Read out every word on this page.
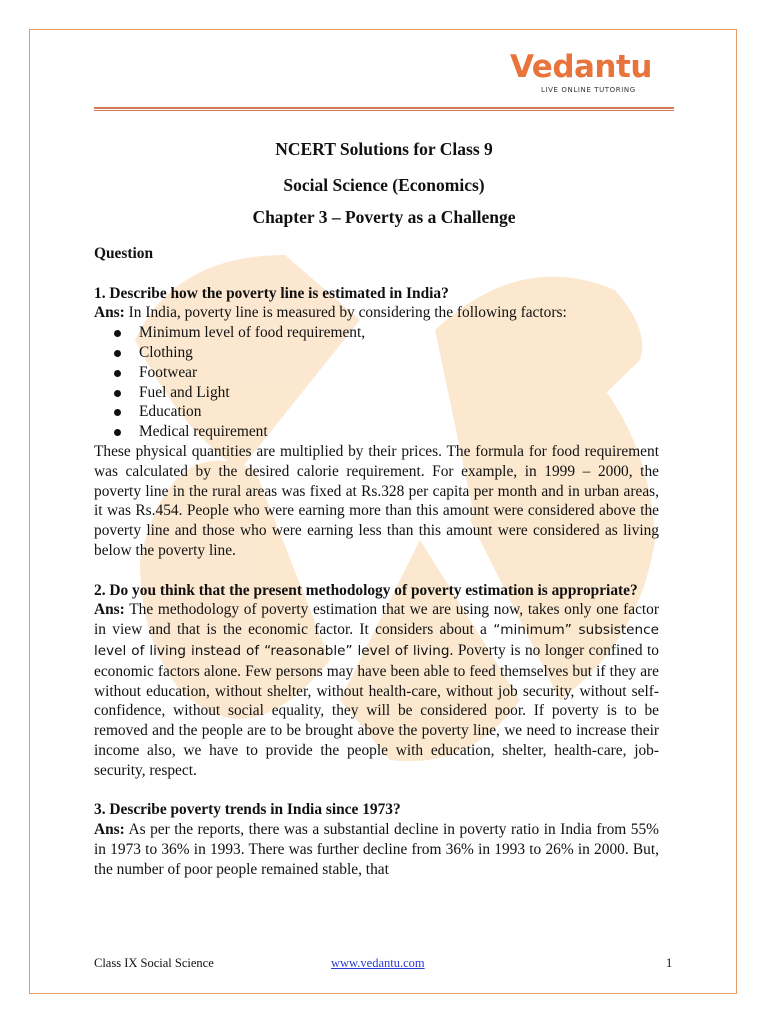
Vedantu
LIVE ONLINE TUTORING
NCERT Solutions for Class 9
Social Science (Economics)
Chapter 3 – Poverty as a Challenge

Question

1. Describe how the poverty line is estimated in India?

Ans: In India, poverty line is measured by considering the following factors:

Minimum level of food requirement,
Clothing
Footwear
Fuel and Light
Education
Medical requirement

These physical quantities are multiplied by their prices. The formula for food requirement was calculated by the desired calorie requirement. For example, in 1999 – 2000, the poverty line in the rural areas was fixed at Rs.328 per capita per month and in urban areas, it was Rs.454. People who were earning more than this amount were considered above the poverty line and those who were earning less than this amount were considered as living below the poverty line.

2. Do you think that the present methodology of poverty estimation is appropriate?

Ans: The methodology of poverty estimation that we are using now, takes only one factor in view and that is the economic factor. It considers about a “minimum” subsistence level of living instead of “reasonable” level of living. Poverty is no longer confined to economic factors alone. Few persons may have been able to feed themselves but if they are without education, without shelter, without health-care, without job security, without self-confidence, without social equality, they will be considered poor. If poverty is to be removed and the people are to be brought above the poverty line, we need to increase their income also, we have to provide the people with education, shelter, health-care, job-security, respect.

3. Describe poverty trends in India since 1973?

Ans: As per the reports, there was a substantial decline in poverty ratio in India from 55% in 1973 to 36% in 1993. There was further decline from 36% in 1993 to 26% in 2000. But, the number of poor people remained stable, that

Class IX Social Science	www.vedantu.com	1
